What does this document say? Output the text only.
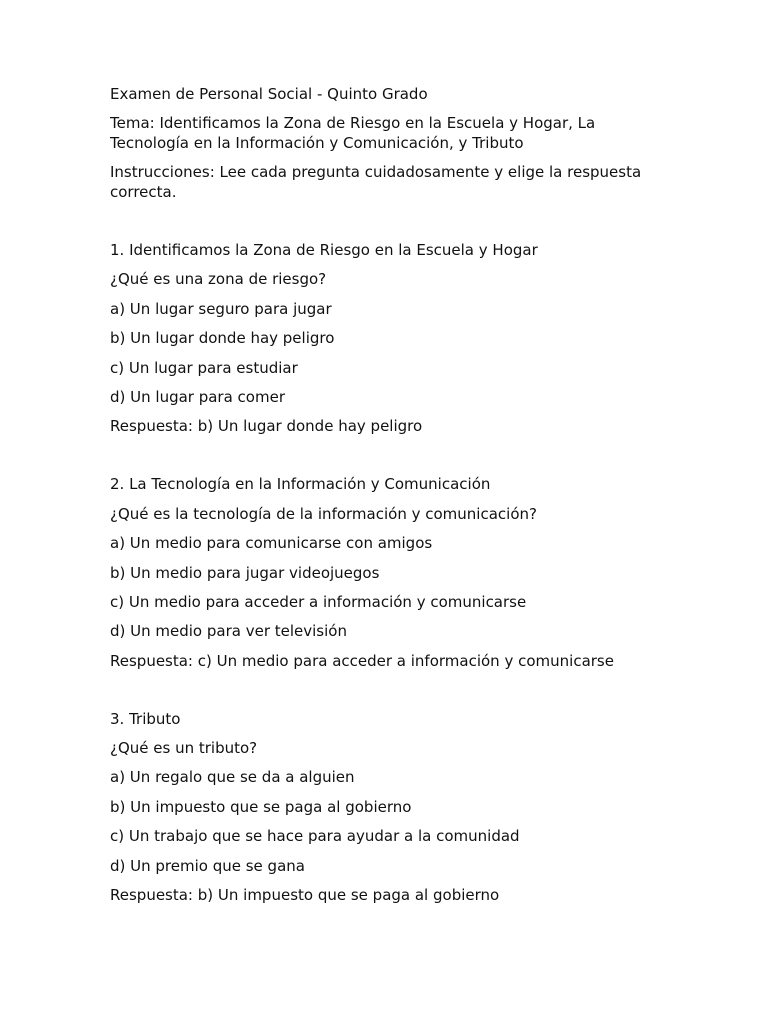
Examen de Personal Social - Quinto Grado

Tema: Identificamos la Zona de Riesgo en la Escuela y Hogar, La Tecnología en la Información y Comunicación, y Tributo

Instrucciones: Lee cada pregunta cuidadosamente y elige la respuesta correcta.

1. Identificamos la Zona de Riesgo en la Escuela y Hogar

¿Qué es una zona de riesgo?

a) Un lugar seguro para jugar

b) Un lugar donde hay peligro

c) Un lugar para estudiar

d) Un lugar para comer

Respuesta: b) Un lugar donde hay peligro

2. La Tecnología en la Información y Comunicación

¿Qué es la tecnología de la información y comunicación?

a) Un medio para comunicarse con amigos

b) Un medio para jugar videojuegos

c) Un medio para acceder a información y comunicarse

d) Un medio para ver televisión

Respuesta: c) Un medio para acceder a información y comunicarse

3. Tributo

¿Qué es un tributo?

a) Un regalo que se da a alguien

b) Un impuesto que se paga al gobierno

c) Un trabajo que se hace para ayudar a la comunidad

d) Un premio que se gana

Respuesta: b) Un impuesto que se paga al gobierno
